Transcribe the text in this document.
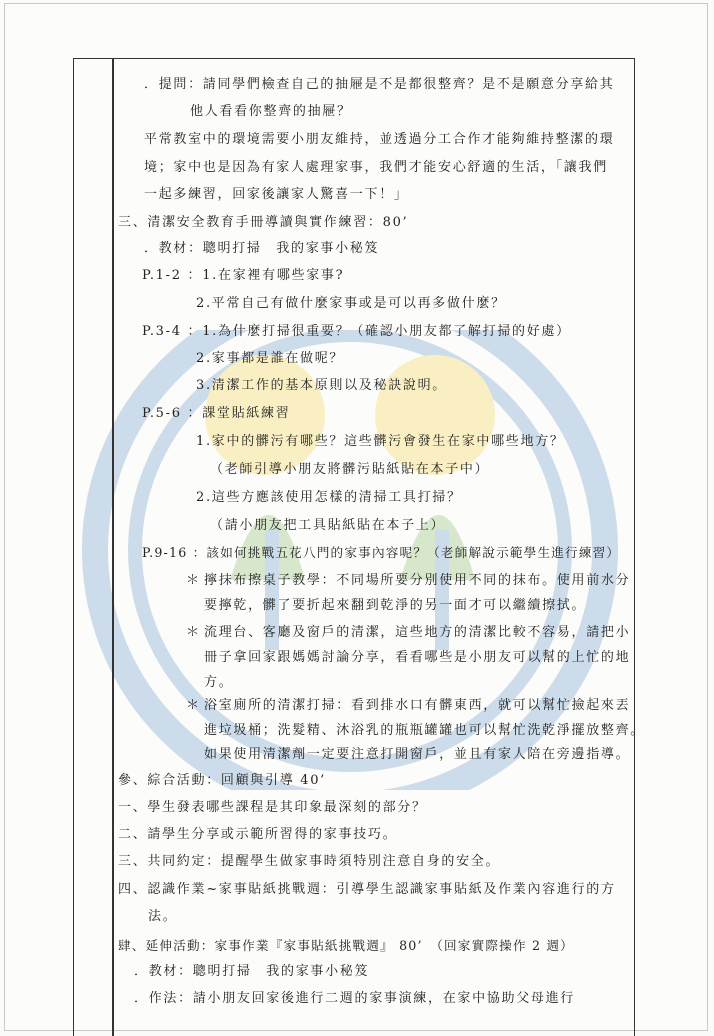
．提問：請同學們檢查自己的抽屜是不是都很整齊？是不是願意分享給其
他人看看你整齊的抽屜？
平常教室中的環境需要小朋友維持，並透過分工合作才能夠維持整潔的環
境；家中也是因為有家人處理家事，我們才能安心舒適的生活，「讓我們
一起多練習，回家後讓家人驚喜一下！」
三、清潔安全教育手冊導讀與實作練習：80’
．教材：聰明打掃　我的家事小秘笈
P.1-2 ：1.在家裡有哪些家事?
2.平常自己有做什麼家事或是可以再多做什麼？
P.3-4 ：1.為什麼打掃很重要？（確認小朋友都了解打掃的好處）
2.家事都是誰在做呢？
3.清潔工作的基本原則以及秘訣說明。
P.5-6 ：課堂貼紙練習
1.家中的髒污有哪些？這些髒污會發生在家中哪些地方？
（老師引導小朋友將髒污貼紙貼在本子中）
2.這些方應該使用怎樣的清掃工具打掃？
（請小朋友把工具貼紙貼在本子上）
P.9-16 ：該如何挑戰五花八門的家事內容呢？（老師解說示範學生進行練習）
＊ 擰抹布擦桌子教學：不同場所要分別使用不同的抹布。使用前水分
要擰乾，髒了要折起來翻到乾淨的另一面才可以繼續擦拭。
＊ 流理台、客廳及窗戶的清潔，這些地方的清潔比較不容易，請把小
冊子拿回家跟媽媽討論分享，看看哪些是小朋友可以幫的上忙的地
方。
＊ 浴室廁所的清潔打掃：看到排水口有髒東西，就可以幫忙撿起來丟
進垃圾桶；洗髮精、沐浴乳的瓶瓶罐罐也可以幫忙洗乾淨擺放整齊。
如果使用清潔劑一定要注意打開窗戶，並且有家人陪在旁邊指導。
參、綜合活動：回顧與引導 40’
一、學生發表哪些課程是其印象最深刻的部分？
二、請學生分享或示範所習得的家事技巧。
三、共同約定：提醒學生做家事時須特別注意自身的安全。
四、認識作業~家事貼紙挑戰週：引導學生認識家事貼紙及作業內容進行的方
法。
肆、延伸活動：家事作業『家事貼紙挑戰週』 80’　（回家實際操作 2 週）
．教材：聰明打掃　我的家事小秘笈
．作法：請小朋友回家後進行二週的家事演練，在家中協助父母進行
